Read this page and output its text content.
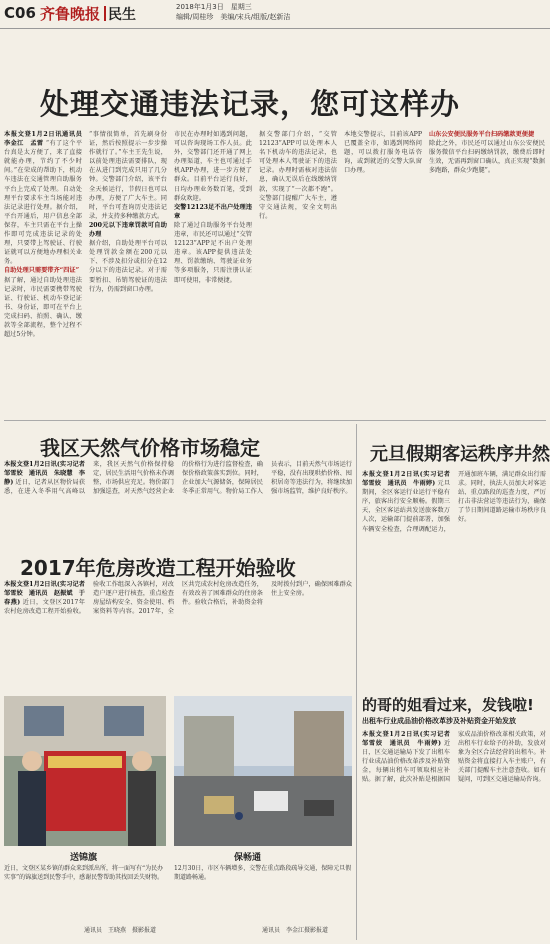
C06 齐鲁晚报 民生	2018年1月3日　星期三
编辑/周桂珍　美编/宋兵/组版/赵新洁
处理交通违法记录，您可这样办
本报文登1月2日讯通讯员　李金江　孟雷 “有了这个平台真是太方便了，来了直接就能办理，节约了不少时间。”在荣成的帮助下，机动车违法在交通管理自助服务平台上完成了处理。自动处理平台要求车主当场能对违法记录进行处理。据介绍，平台开通后，用户信息全部保存，车主只需在平台上操作即可完成违法记录的处理，只要带上驾驶证、行驶证就可以方便地办理相关业务。
自助处理只需要带齐“四证”
据了解，通过自助处理违法记录时，市民需要携带驾驶证、行驶证、机动车登记证书、身份证，即可在平台上完成扫码、拍照、确认、缴款等全部流程，整个过程不超过5分钟。
“事情很简单，首先刷身份证，然后按照提示一步步操作就行了。”车主王先生说，以前处理违法需要排队，现在从进门到完成只用了几分钟。交警部门介绍，该平台全天候运行，节假日也可以办理，方便了广大车主。同时，平台可查询历史违法记录，并支持多种缴款方式。
200元以下违章罚款可自助办理
据介绍，自助处理平台可以处理罚款金额在200元以下、不涉及扣分或扣分在12分以下的违法记录。对于需要暂扣、吊销驾驶证的违法行为，仍需到窗口办理。
市民在办理时如遇到问题，可以咨询现场工作人员。此外，交警部门还开通了网上办理渠道，车主也可通过手机APP办理，进一步方便了群众。目前平台运行良好，日均办理业务数百笔，受到群众欢迎。
交警12123足不出户处理违章
除了通过自助服务平台处理违章，市民还可以通过“交管12123”APP足不出户处理违章。该APP提供违法处理、罚款缴纳、驾驶证业务等多项服务，只需注册认证即可使用，非常便捷。
据交警部门介绍，“交管12123”APP可以处理本人名下机动车的违法记录，也可处理本人驾驶证下的违法记录。办理时需核对违法信息，确认无误后在线缴纳罚款，实现了“一次都不跑”。交警部门提醒广大车主，遵守交通法规，安全文明出行。
本地交警提示，目前该APP已覆盖全市，如遇到网络问题，可以拨打服务电话咨询，或到就近的交警大队窗口办理。
山东公安便民服务平台扫码缴款更便捷
除此之外，市民还可以通过山东公安便民服务微信平台扫码缴纳罚款，缴费后即时生效，无需再到窗口确认，真正实现“数据多跑路，群众少跑腿”。
我区天然气价格市场稳定
本报文登1月2日讯(实习记者　邹雪姣　通讯员　朱晓慧　李静) 近日，记者从区物价局获悉，在进入冬季用气高峰以来，我区天然气价格保持稳定，居民生活用气价格未作调整，市场供应充足。物价部门加强巡查，对天然气经营企业的价格行为进行监督检查，确保价格政策落实到位。同时，企业加大气源储备，保障居民冬季正常用气。物价局工作人员表示，目前天然气市场运行平稳，没有出现哄抬价格、囤积居奇等违法行为，将继续加强市场监管，维护良好秩序。
2017年危房改造工程开始验收
本报文登1月2日讯(实习记者　邹雪姣　通讯员　赵振斌　于春燕) 近日，文登区2017年农村危房改造工程开始验收。验收工作组深入各镇村，对改造户逐户进行核查，重点检查房屋结构安全、资金使用、档案资料等内容。2017年，全区共完成农村危房改造任务，有效改善了困难群众的住房条件。验收合格后，补助资金将及时拨付到户，确保困难群众住上安全房。
元旦假期客运秩序井然
本报文登1月2日讯(实习记者　邹雪姣　通讯员　牛雨婷) 元旦期间，全区客运行业运行平稳有序，旅客出行安全顺畅。假期三天，全区客运站共发送旅客数万人次，运输部门提前部署，加强车辆安全检查，合理调配运力，开通加班车辆，满足群众出行需求。同时，执法人员加大对客运站、重点路段的巡查力度，严厉打击非法营运等违法行为，确保了节日期间道路运输市场秩序良好。
的哥的姐看过来，发钱啦!
出租车行业成品油价格改革涉及补贴资金开始发放
本报文登1月2日讯(实习记者　邹雪姣　通讯员　牛雨婷) 近日，区交通运输局下发了出租车行业成品油价格改革涉及补贴资金，每辆出租车可领取相应补贴。据了解，此次补贴是根据国家成品油价格改革相关政策，对出租车行业给予的补助，发放对象为全区合法经营的出租车。补贴资金将直接打入车主账户，有关部门提醒车主注意查收。如有疑问，可到区交通运输局咨询。
送锦旗
近日，文登区某乡镇的群众来到派出所，将一面写有“为民办实事”的锦旗送到民警手中，感谢民警帮助其找回丢失财物。
通讯员　王晓燕　摄影报道
保畅通
12月30日，市区车辆增多，交警在重点路段疏导交通，保障元旦假期道路畅通。
通讯员　李金江摄影报道
